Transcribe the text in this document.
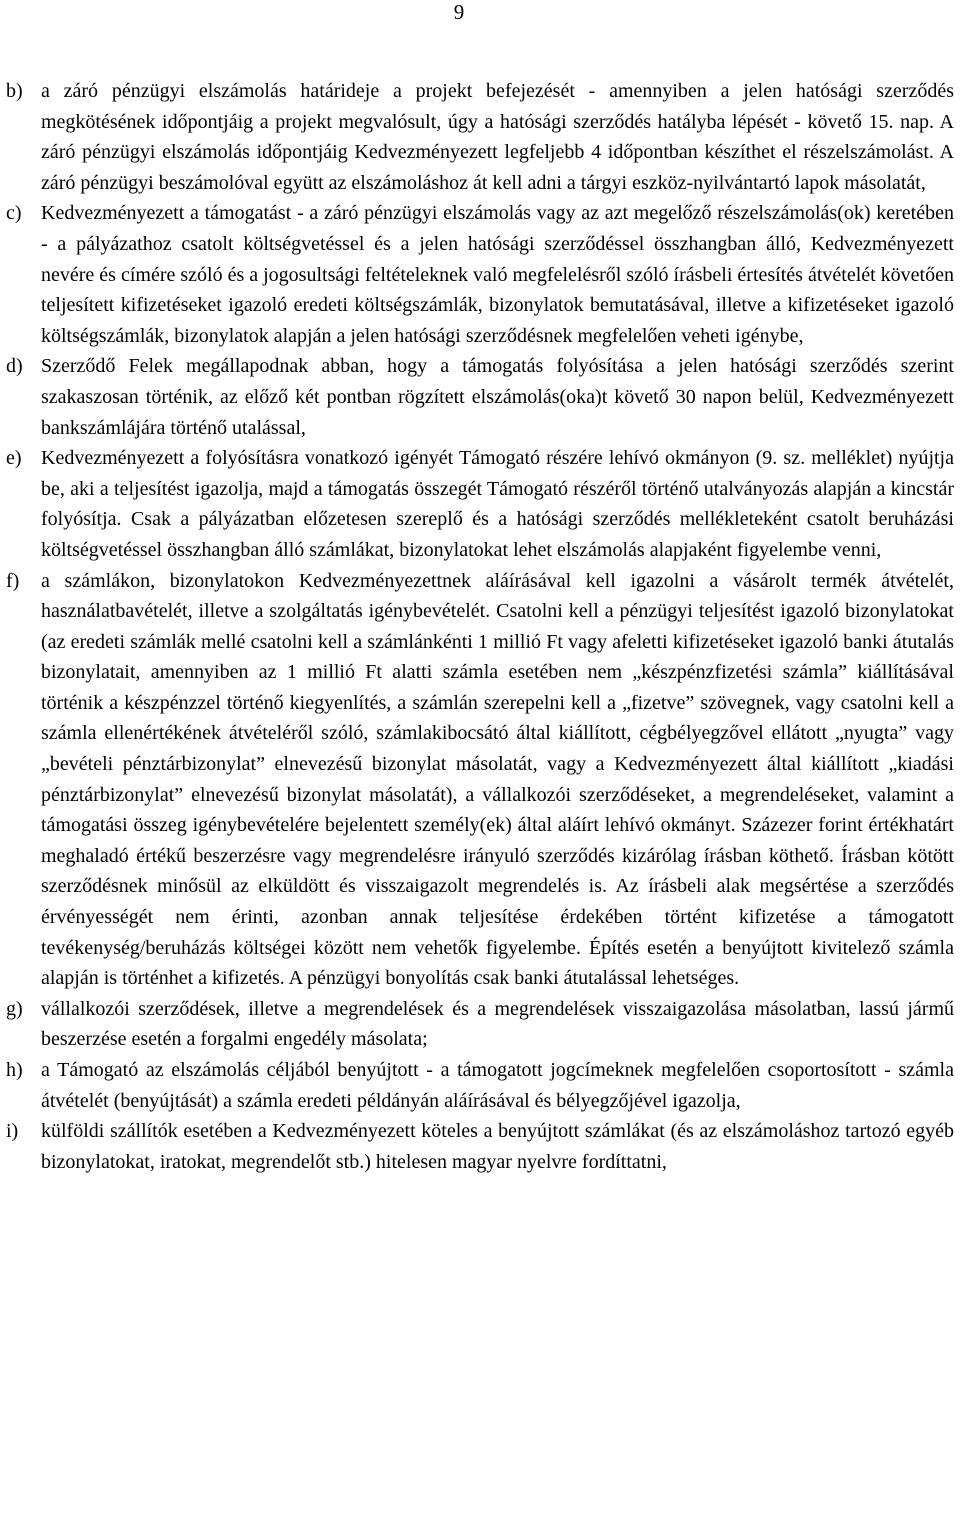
9
b) a záró pénzügyi elszámolás határideje a projekt befejezését - amennyiben a jelen hatósági szerződés megkötésének időpontjáig a projekt megvalósult, úgy a hatósági szerződés hatályba lépését - követő 15. nap. A záró pénzügyi elszámolás időpontjáig Kedvezményezett legfeljebb 4 időpontban készíthet el részelszámolást. A záró pénzügyi beszámolóval együtt az elszámoláshoz át kell adni a tárgyi eszköz-nyilvántartó lapok másolatát,

c) Kedvezményezett a támogatást - a záró pénzügyi elszámolás vagy az azt megelőző részelszámolás(ok) keretében - a pályázathoz csatolt költségvetéssel és a jelen hatósági szerződéssel összhangban álló, Kedvezményezett nevére és címére szóló és a jogosultsági feltételeknek való megfelelésről szóló írásbeli értesítés átvételét követően teljesített kifizetéseket igazoló eredeti költségszámlák, bizonylatok bemutatásával, illetve a kifizetéseket igazoló költségszámlák, bizonylatok alapján a jelen hatósági szerződésnek megfelelően veheti igénybe,

d) Szerződő Felek megállapodnak abban, hogy a támogatás folyósítása a jelen hatósági szerződés szerint szakaszosan történik, az előző két pontban rögzített elszámolás(oka)t követő 30 napon belül, Kedvezményezett bankszámlájára történő utalással,

e) Kedvezményezett a folyósításra vonatkozó igényét Támogató részére lehívó okmányon (9. sz. melléklet) nyújtja be, aki a teljesítést igazolja, majd a támogatás összegét Támogató részéről történő utalványozás alapján a kincstár folyósítja. Csak a pályázatban előzetesen szereplő és a hatósági szerződés mellékleteként csatolt beruházási költségvetéssel összhangban álló számlákat, bizonylatokat lehet elszámolás alapjaként figyelembe venni,

f)	a számlákon, bizonylatokon Kedvezményezettnek aláírásával kell igazolni a vásárolt termék átvételét, használatbavételét, illetve a szolgáltatás igénybevételét. Csatolni kell a pénzügyi teljesítést igazoló bizonylatokat (az eredeti számlák mellé csatolni kell a számlánkénti 1 millió Ft vagy afeletti kifizetéseket igazoló banki átutalás bizonylatait, amennyiben az 1 millió Ft alatti számla esetében nem „készpénzfizetési számla” kiállításával történik a készpénzzel történő kiegyenlítés, a számlán szerepelni kell a „fizetve” szövegnek, vagy csatolni kell a számla ellenértékének átvételéről szóló, számlakibocsátó által kiállított, cégbélyegzővel ellátott „nyugta” vagy „bevételi pénztárbizonylat” elnevezésű bizonylat másolatát, vagy a Kedvezményezett által kiállított „kiadási pénztárbizonylat” elnevezésű bizonylat másolatát), a vállalkozói szerződéseket, a megrendeléseket, valamint a támogatási összeg igénybevételére bejelentett személy(ek) által aláírt lehívó okmányt. Százezer forint értékhatárt meghaladó értékű beszerzésre vagy megrendelésre irányuló szerződés kizárólag írásban köthető. Írásban kötött szerződésnek minősül az elküldött és visszaigazolt megrendelés is. Az írásbeli alak megsértése a szerződés érvényességét nem érinti, azonban annak teljesítése érdekében történt kifizetése a támogatott tevékenység/beruházás költségei között nem vehetők figyelembe. Építés esetén a benyújtott kivitelező számla alapján is történhet a kifizetés. A pénzügyi bonyolítás csak banki átutalással lehetséges.

g) vállalkozói szerződések, illetve a megrendelések és a megrendelések visszaigazolása másolatban, lassú jármű beszerzése esetén a forgalmi engedély másolata;

h) a Támogató az elszámolás céljából benyújtott - a támogatott jogcímeknek megfelelően csoportosított - számla átvételét (benyújtását) a számla eredeti példányán aláírásával és bélyegzőjével igazolja,

i)	külföldi szállítók esetében a Kedvezményezett köteles a benyújtott számlákat (és az elszámoláshoz tartozó egyéb bizonylatokat, iratokat, megrendelőt stb.) hitelesen magyar nyelvre fordíttatni,
